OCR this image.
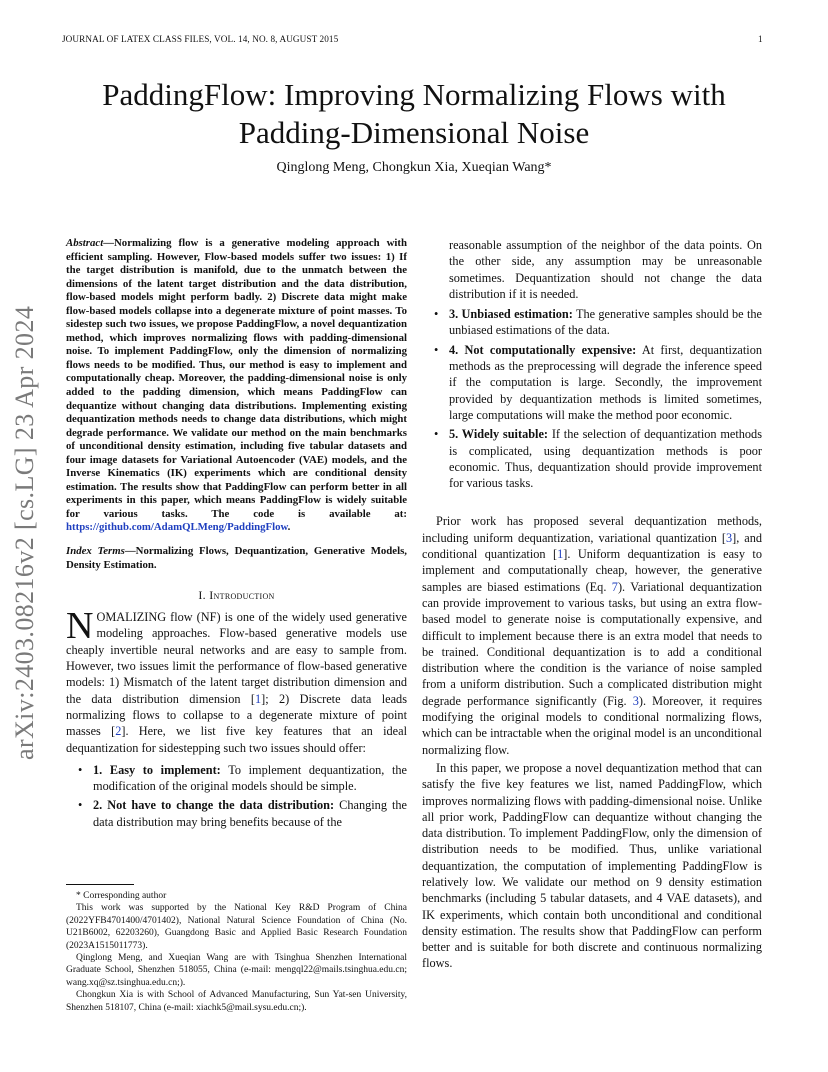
JOURNAL OF LATEX CLASS FILES, VOL. 14, NO. 8, AUGUST 2015	1
PaddingFlow: Improving Normalizing Flows with
Padding-Dimensional Noise
Qinglong Meng, Chongkun Xia, Xueqian Wang*
arXiv:2403.08216v2 [cs.LG] 23 Apr 2024

Abstract—Normalizing flow is a generative modeling approach with efficient sampling. However, Flow-based models suffer two issues: 1) If the target distribution is manifold, due to the unmatch between the dimensions of the latent target distribution and the data distribution, flow-based models might perform badly. 2) Discrete data might make flow-based models collapse into a degenerate mixture of point masses. To sidestep such two issues, we propose PaddingFlow, a novel dequantization method, which improves normalizing flows with padding-dimensional noise. To implement PaddingFlow, only the dimension of normalizing flows needs to be modified. Thus, our method is easy to implement and computationally cheap. Moreover, the padding-dimensional noise is only added to the padding dimension, which means PaddingFlow can dequantize without changing data distributions. Implementing existing dequantization methods needs to change data distributions, which might degrade performance. We validate our method on the main benchmarks of unconditional density estimation, including five tabular datasets and four image datasets for Variational Autoencoder (VAE) models, and the Inverse Kinematics (IK) experiments which are conditional density estimation. The results show that PaddingFlow can perform better in all experiments in this paper, which means PaddingFlow is widely suitable for various tasks. The code is available at: https://github.com/AdamQLMeng/PaddingFlow.

Index Terms—Normalizing Flows, Dequantization, Generative Models, Density Estimation.

I. Introduction

NOMALIZING flow (NF) is one of the widely used generative modeling approaches. Flow-based generative models use cheaply invertible neural networks and are easy to sample from. However, two issues limit the performance of flow-based generative models: 1) Mismatch of the latent target distribution dimension and the data distribution dimension [1]; 2) Discrete data leads normalizing flows to collapse to a degenerate mixture of point masses [2]. Here, we list five key features that an ideal dequantization for sidestepping such two issues should offer:

• 1. Easy to implement: To implement dequantization, the modification of the original models should be simple.
• 2. Not have to change the data distribution: Changing the data distribution may bring benefits because of the

* Corresponding author

This work was supported by the National Key R&D Program of China (2022YFB4701400/4701402), National Natural Science Foundation of China (No. U21B6002, 62203260), Guangdong Basic and Applied Basic Research Foundation (2023A1515011773).

Qinglong Meng, and Xueqian Wang are with Tsinghua Shenzhen International Graduate School, Shenzhen 518055, China (e-mail: mengql22@mails.tsinghua.edu.cn; wang.xq@sz.tsinghua.edu.cn;).

Chongkun Xia is with School of Advanced Manufacturing, Sun Yat-sen University, Shenzhen 518107, China (e-mail: xiachk5@mail.sysu.edu.cn;).

reasonable assumption of the neighbor of the data points. On the other side, any assumption may be unreasonable sometimes. Dequantization should not change the data distribution if it is needed.

• 3. Unbiased estimation: The generative samples should be the unbiased estimations of the data.
• 4. Not computationally expensive: At first, dequantization methods as the preprocessing will degrade the inference speed if the computation is large. Secondly, the improvement provided by dequantization methods is limited sometimes, large computations will make the method poor economic.
• 5. Widely suitable: If the selection of dequantization methods is complicated, using dequantization methods is poor economic. Thus, dequantization should provide improvement for various tasks.

Prior work has proposed several dequantization methods, including uniform dequantization, variational quantization [3], and conditional quantization [1]. Uniform dequantization is easy to implement and computationally cheap, however, the generative samples are biased estimations (Eq. 7). Variational dequantization can provide improvement to various tasks, but using an extra flow-based model to generate noise is computationally expensive, and difficult to implement because there is an extra model that needs to be trained. Conditional dequantization is to add a conditional distribution where the condition is the variance of noise sampled from a uniform distribution. Such a complicated distribution might degrade performance significantly (Fig. 3). Moreover, it requires modifying the original models to conditional normalizing flows, which can be intractable when the original model is an unconditional normalizing flow.

In this paper, we propose a novel dequantization method that can satisfy the five key features we list, named PaddingFlow, which improves normalizing flows with padding-dimensional noise. Unlike all prior work, PaddingFlow can dequantize without changing the data distribution. To implement PaddingFlow, only the dimension of distribution needs to be modified. Thus, unlike variational dequantization, the computation of implementing PaddingFlow is relatively low. We validate our method on 9 density estimation benchmarks (including 5 tabular datasets, and 4 VAE datasets), and IK experiments, which contain both unconditional and conditional density estimation. The results show that PaddingFlow can perform better and is suitable for both discrete and continuous normalizing flows.
